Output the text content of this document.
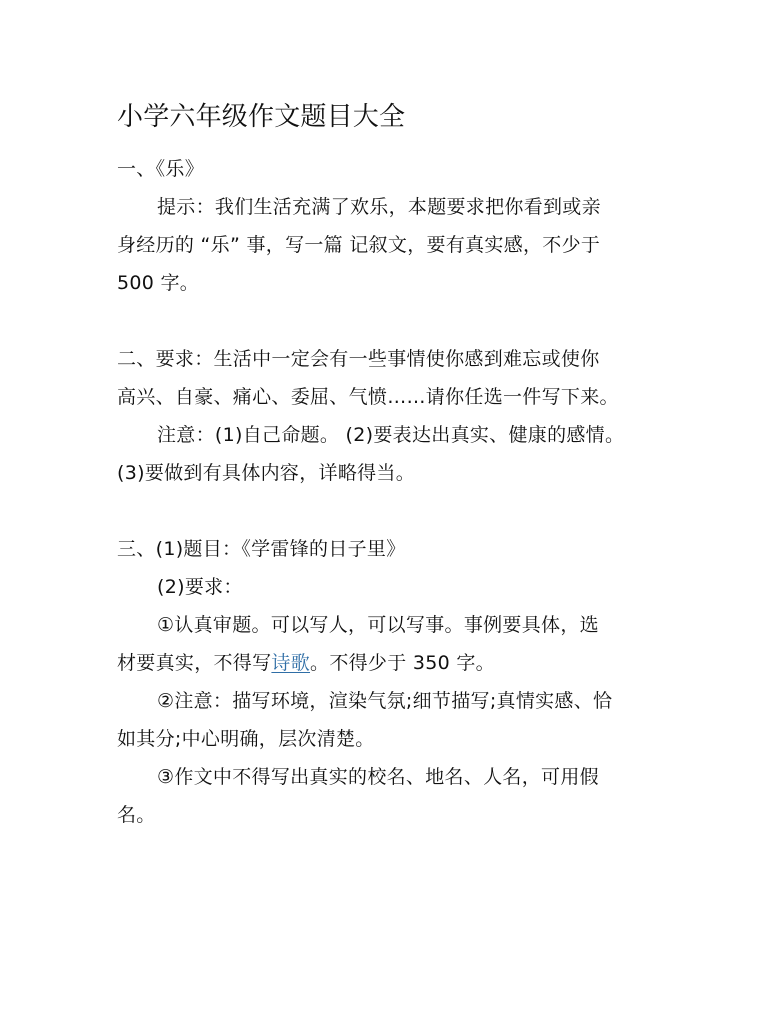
小学六年级作文题目大全

一、《乐》

提示：我们生活充满了欢乐，本题要求把你看到或亲

身经历的 “乐” 事，写一篇 记叙文，要有真实感，不少于

500 字。

二、要求：生活中一定会有一些事情使你感到难忘或使你

高兴、自豪、痛心、委屈、气愤……请你任选一件写下来。

注意：(1)自己命题。 (2)要表达出真实、健康的感情。

(3)要做到有具体内容，详略得当。

三、(1)题目：《学雷锋的日子里》

(2)要求：

①认真审题。可以写人，可以写事。事例要具体，选

材要真实，不得写诗歌。不得少于 350 字。

②注意：描写环境，渲染气氛;细节描写;真情实感、恰

如其分;中心明确，层次清楚。

③作文中不得写出真实的校名、地名、人名，可用假

名。
